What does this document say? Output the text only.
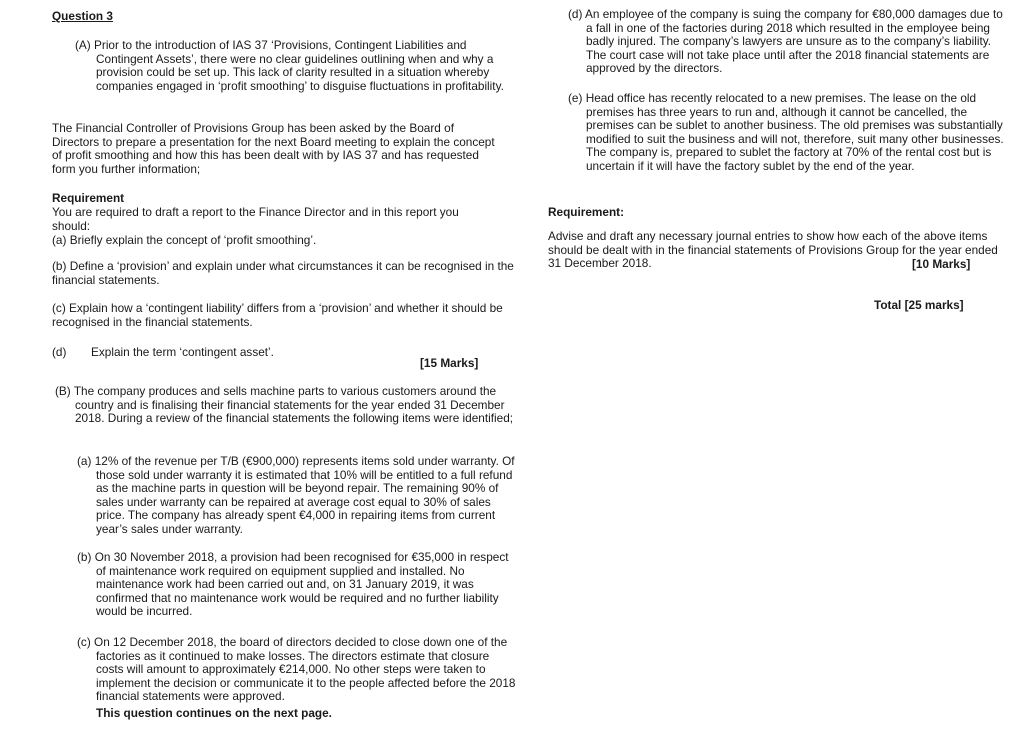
Question 3
(A) Prior to the introduction of IAS 37 ‘Provisions, Contingent Liabilities and Contingent Assets’, there were no clear guidelines outlining when and why a provision could be set up. This lack of clarity resulted in a situation whereby companies engaged in ‘profit smoothing’ to disguise fluctuations in profitability.
The Financial Controller of Provisions Group has been asked by the Board of Directors to prepare a presentation for the next Board meeting to explain the concept of profit smoothing and how this has been dealt with by IAS 37 and has requested form you further information;
Requirement
You are required to draft a report to the Finance Director and in this report you should:
(a) Briefly explain the concept of ‘profit smoothing’.
(b) Define a ‘provision’ and explain under what circumstances it can be recognised in the financial statements.
(c) Explain how a ‘contingent liability’ differs from a ‘provision’ and whether it should be recognised in the financial statements.
(d) Explain the term ‘contingent asset’.
[15 Marks]
(B) The company produces and sells machine parts to various customers around the country and is finalising their financial statements for the year ended 31 December 2018. During a review of the financial statements the following items were identified;
(a) 12% of the revenue per T/B (€900,000) represents items sold under warranty. Of those sold under warranty it is estimated that 10% will be entitled to a full refund as the machine parts in question will be beyond repair. The remaining 90% of sales under warranty can be repaired at average cost equal to 30% of sales price. The company has already spent €4,000 in repairing items from current year’s sales under warranty.
(b) On 30 November 2018, a provision had been recognised for €35,000 in respect of maintenance work required on equipment supplied and installed. No maintenance work had been carried out and, on 31 January 2019, it was confirmed that no maintenance work would be required and no further liability would be incurred.
(c) On 12 December 2018, the board of directors decided to close down one of the factories as it continued to make losses. The directors estimate that closure costs will amount to approximately €214,000. No other steps were taken to implement the decision or communicate it to the people affected before the 2018 financial statements were approved.
This question continues on the next page.
(d) An employee of the company is suing the company for €80,000 damages due to a fall in one of the factories during 2018 which resulted in the employee being badly injured. The company’s lawyers are unsure as to the company’s liability. The court case will not take place until after the 2018 financial statements are approved by the directors.
(e) Head office has recently relocated to a new premises. The lease on the old premises has three years to run and, although it cannot be cancelled, the premises can be sublet to another business. The old premises was substantially modified to suit the business and will not, therefore, suit many other businesses. The company is, prepared to sublet the factory at 70% of the rental cost but is uncertain if it will have the factory sublet by the end of the year.
Requirement:
Advise and draft any necessary journal entries to show how each of the above items should be dealt with in the financial statements of Provisions Group for the year ended 31 December 2018.	[10 Marks]
Total [25 marks]
